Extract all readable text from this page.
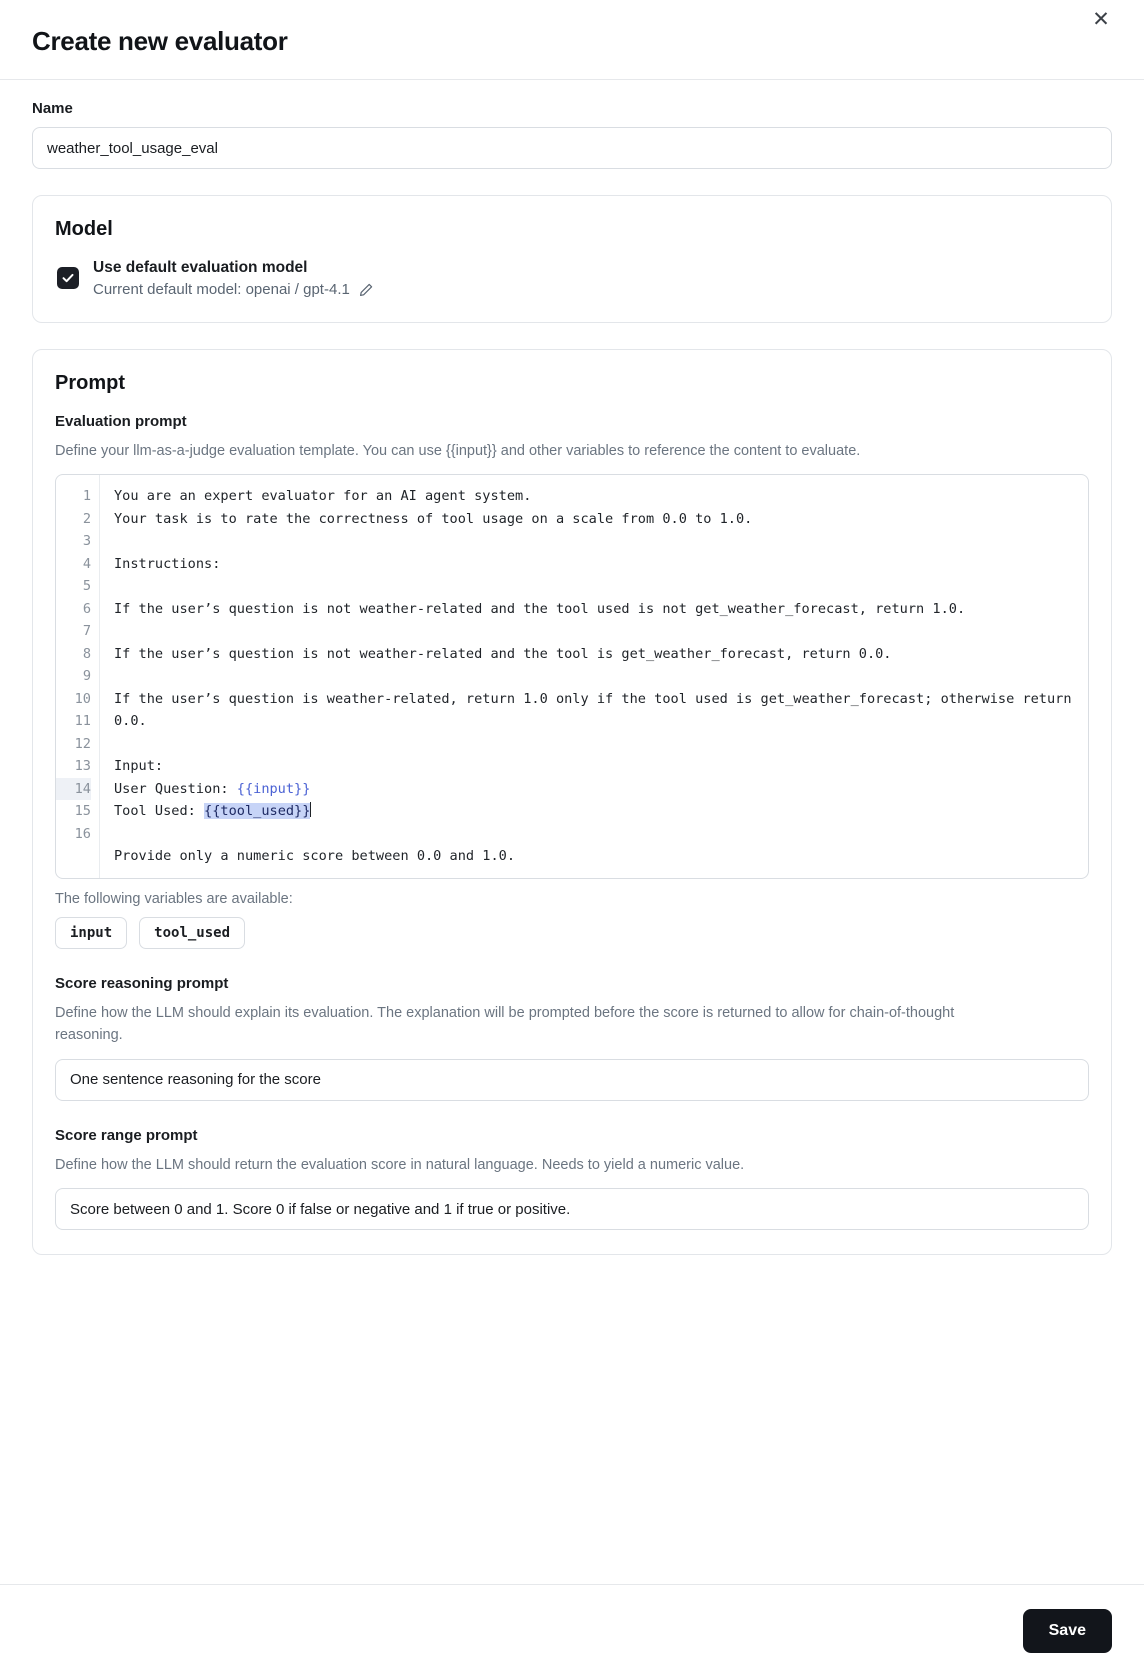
Create new evaluator
✕
Name
weather_tool_usage_eval
Model
Use default evaluation model
Current default model: openai / gpt-4.1
Prompt
Evaluation prompt

Define your llm-as-a-judge evaluation template. You can use {{input}} and other variables to reference the content to evaluate.

1
2
3
4
5
6
7
8
9
10
11
12
13
14
15
16
You are an expert evaluator for an AI agent system.
Your task is to rate the correctness of tool usage on a scale from 0.0 to 1.0.

Instructions:

If the user’s question is not weather-related and the tool used is not get_weather_forecast, return 1.0.

If the user’s question is not weather-related and the tool is get_weather_forecast, return 0.0.

If the user’s question is weather-related, return 1.0 only if the tool used is get_weather_forecast; otherwise return 0.0.

Input:
User Question: {{input}}
Tool Used: {{tool_used}}

Provide only a numeric score between 0.0 and 1.0.
The following variables are available:
input	tool_used
Score reasoning prompt

Define how the LLM should explain its evaluation. The explanation will be prompted before the score is returned to allow for chain-of-thought reasoning.

One sentence reasoning for the score
Score range prompt

Define how the LLM should return the evaluation score in natural language. Needs to yield a numeric value.

Score between 0 and 1. Score 0 if false or negative and 1 if true or positive.
Save
